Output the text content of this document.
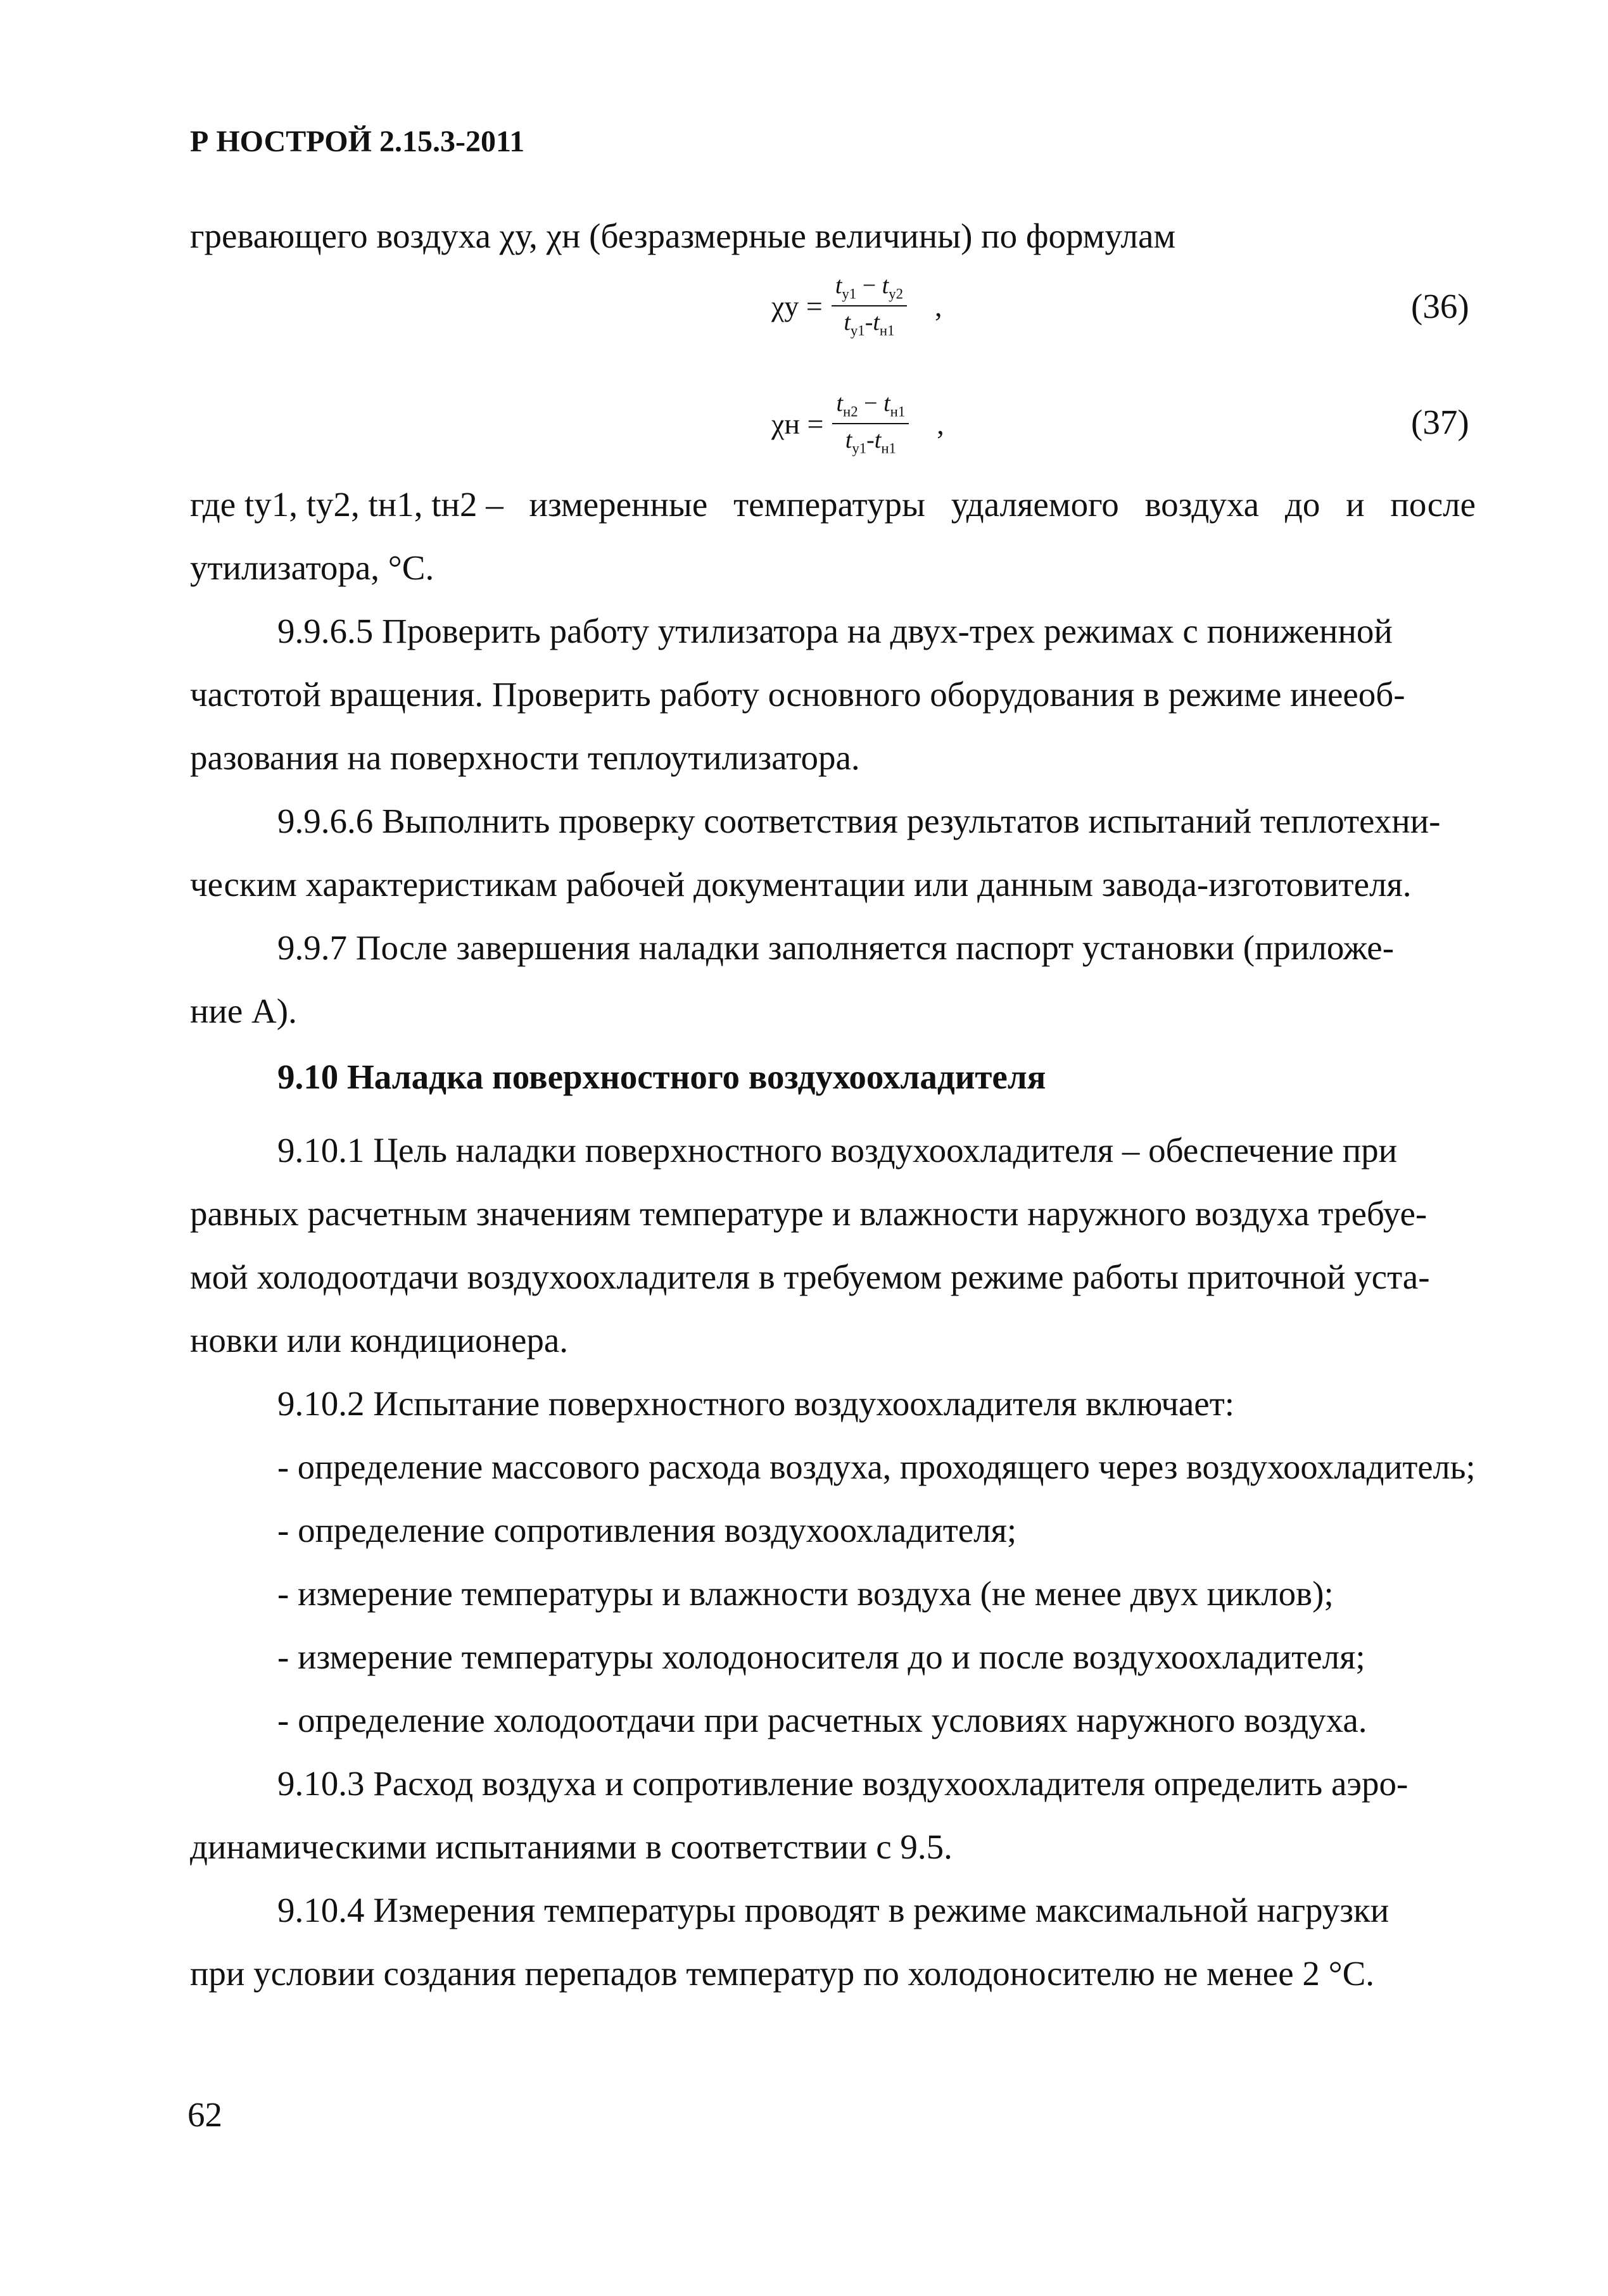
Р НОСТРОЙ 2.15.3-2011
гревающего воздуха χу, χн (безразмерные величины) по формулам
$\chi у = \frac{t_{у1} - t_{у2}}{t_{у1}-t_{н1}}$ ,	(36)
$\chi н = \frac{t_{н2} - t_{н1}}{t_{у1}-t_{н1}}$ ,	(37)
где tу1, tу2, tн1, tн2 – измеренные температуры удаляемого воздуха до и после
утилизатора, °С.
9.9.6.5 Проверить работу утилизатора на двух-трех режимах с пониженной
частотой вращения. Проверить работу основного оборудования в режиме инееоб-
разования на поверхности теплоутилизатора.
9.9.6.6 Выполнить проверку соответствия результатов испытаний теплотехни-
ческим характеристикам рабочей документации или данным завода-изготовителя.
9.9.7 После завершения наладки заполняется паспорт установки (приложе-
ние А).
9.10 Наладка поверхностного воздухоохладителя
9.10.1 Цель наладки поверхностного воздухоохладителя – обеспечение при
равных расчетным значениям температуре и влажности наружного воздуха требуе-
мой холодоотдачи воздухоохладителя в требуемом режиме работы приточной уста-
новки или кондиционера.
9.10.2 Испытание поверхностного воздухоохладителя включает:
- определение массового расхода воздуха, проходящего через воздухоохладитель;
- определение сопротивления воздухоохладителя;
- измерение температуры и влажности воздуха (не менее двух циклов);
- измерение температуры холодоносителя до и после воздухоохладителя;
- определение холодоотдачи при расчетных условиях наружного воздуха.
9.10.3 Расход воздуха и сопротивление воздухоохладителя определить аэро-
динамическими испытаниями в соответствии с 9.5.
9.10.4 Измерения температуры проводят в режиме максимальной нагрузки
при условии создания перепадов температур по холодоносителю не менее 2 °С.
62
